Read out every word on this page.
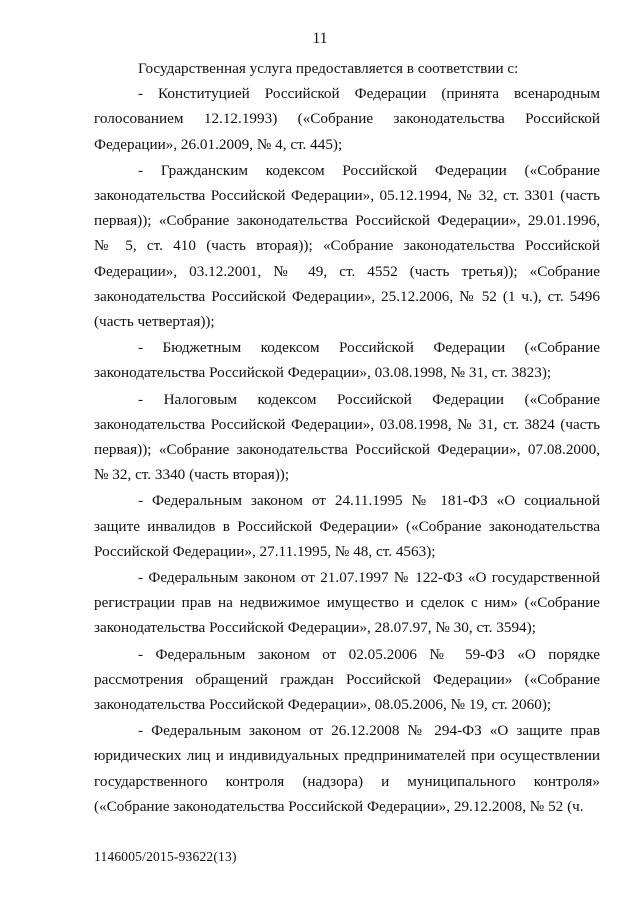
11

Государственная услуга предоставляется в соответствии с:

- Конституцией Российской Федерации (принята всенародным голосованием 12.12.1993) («Собрание законодательства Российской Федерации», 26.01.2009, № 4, ст. 445);

- Гражданским кодексом Российской Федерации («Собрание законодательства Российской Федерации», 05.12.1994, № 32, ст. 3301 (часть первая)); «Собрание законодательства Российской Федерации», 29.01.1996, № 5, ст. 410 (часть вторая)); «Собрание законодательства Российской Федерации», 03.12.2001, № 49, ст. 4552 (часть третья)); «Собрание законодательства Российской Федерации», 25.12.2006, № 52 (1 ч.), ст. 5496 (часть четвертая));

- Бюджетным кодексом Российской Федерации («Собрание законодательства Российской Федерации», 03.08.1998, № 31, ст. 3823);

- Налоговым кодексом Российской Федерации («Собрание законодательства Российской Федерации», 03.08.1998, № 31, ст. 3824 (часть первая)); «Собрание законодательства Российской Федерации», 07.08.2000, № 32, ст. 3340 (часть вторая));

- Федеральным законом от 24.11.1995 № 181-ФЗ «О социальной защите инвалидов в Российской Федерации» («Собрание законодательства Российской Федерации», 27.11.1995, № 48, ст. 4563);

- Федеральным законом от 21.07.1997 № 122-ФЗ «О государственной регистрации прав на недвижимое имущество и сделок с ним» («Собрание законодательства Российской Федерации», 28.07.97, № 30, ст. 3594);

- Федеральным законом от 02.05.2006 № 59-ФЗ «О порядке рассмотрения обращений граждан Российской Федерации» («Собрание законодательства Российской Федерации», 08.05.2006, № 19, ст. 2060);

- Федеральным законом от 26.12.2008 № 294-ФЗ «О защите прав юридических лиц и индивидуальных предпринимателей при осуществлении государственного контроля (надзора) и муниципального контроля» («Собрание законодательства Российской Федерации», 29.12.2008, № 52 (ч.

1146005/2015-93622(13)
